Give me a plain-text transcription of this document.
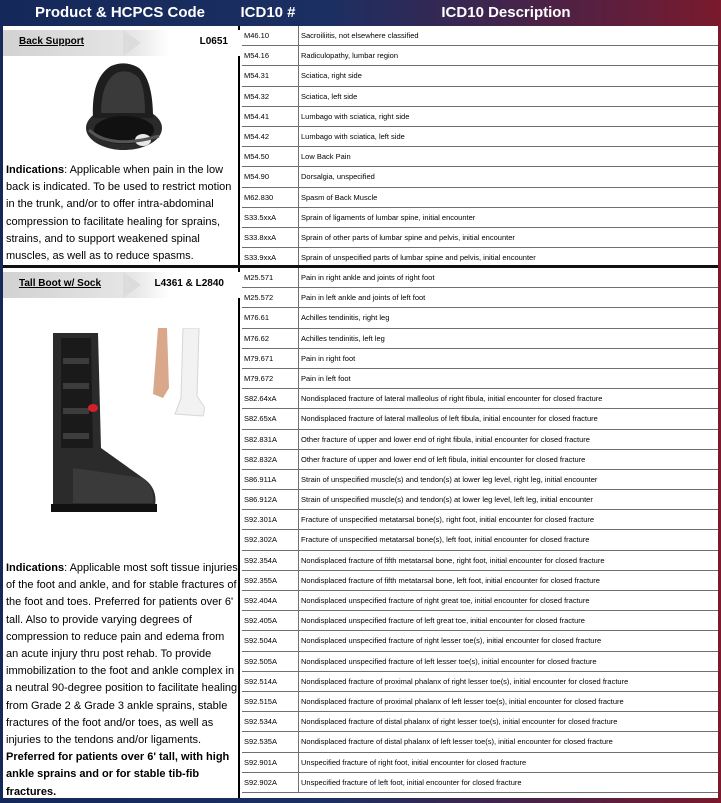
Product & HCPCS Code	ICD10 #	ICD10 Description
Back Support	L0651
Indications: Applicable when pain in the low back is indicated. To be used to restrict motion in the trunk, and/or to offer intra-abdominal compression to facilitate healing for sprains, strains, and to support weakened spinal muscles, as well as to reduce spasms.
M46.10	Sacroiliitis, not elsewhere classified
M54.16	Radiculopathy, lumbar region
M54.31	Sciatica, right side
M54.32	Sciatica, left side
M54.41	Lumbago with sciatica, right side
M54.42	Lumbago with sciatica, left side
M54.50	Low Back Pain
M54.90	Dorsalgia, unspecified
M62.830	Spasm of Back Muscle
S33.5xxA	Sprain of ligaments of lumbar spine, initial encounter
S33.8xxA	Sprain of other parts of lumbar spine and pelvis, initial encounter
S33.9xxA	Sprain of unspecified parts of lumbar spine and pelvis, initial encounter
Tall Boot w/ Sock	L4361 & L2840
Indications: Applicable most soft tissue injuries of the foot and ankle, and for stable fractures of the foot and toes. Preferred for patients over 6' tall. Also to provide varying degrees of compression to reduce pain and edema from an acute injury thru post rehab. To provide immobilization to the foot and ankle complex in a neutral 90-degree position to facilitate healing from Grade 2 & Grade 3 ankle sprains, stable fractures of the foot and/or toes, as well as injuries to the tendons and/or ligaments. Preferred for patients over 6' tall, with high ankle sprains and or for stable tib-fib fractures.
M25.571	Pain in right ankle and joints of right foot
M25.572	Pain in left ankle and joints of left foot
M76.61	Achilles tendinitis, right leg
M76.62	Achilles tendinitis, left leg
M79.671	Pain in right foot
M79.672	Pain in left foot
S82.64xA	Nondisplaced fracture of lateral malleolus of right fibula, initial encounter for closed fracture
S82.65xA	Nondisplaced fracture of lateral malleolus of left fibula, initial encounter for closed fracture
S82.831A	Other fracture of upper and lower end of right fibula, initial encounter for closed fracture
S82.832A	Other fracture of upper and lower end of left fibula, initial encounter for closed fracture
S86.911A	Strain of unspecified muscle(s) and tendon(s) at lower leg level, right leg, initial encounter
S86.912A	Strain of unspecified muscle(s) and tendon(s) at lower leg level, left leg, initial encounter
S92.301A	Fracture of unspecified metatarsal bone(s), right foot, initial encounter for closed fracture
S92.302A	Fracture of unspecified metatarsal bone(s), left foot, initial encounter for closed fracture
S92.354A	Nondisplaced fracture of fifth metatarsal bone, right foot, initial encounter for closed fracture
S92.355A	Nondisplaced fracture of fifth metatarsal bone, left foot, initial encounter for closed fracture
S92.404A	Nondisplaced unspecified fracture of right great toe, initial encounter for closed fracture
S92.405A	Nondisplaced unspecified fracture of left great toe, initial encounter for closed fracture
S92.504A	Nondisplaced unspecified fracture of right lesser toe(s), initial encounter for closed fracture
S92.505A	Nondisplaced unspecified fracture of left lesser toe(s), initial encounter for closed fracture
S92.514A	Nondisplaced fracture of proximal phalanx of right lesser toe(s), initial encounter for closed fracture
S92.515A	Nondisplaced fracture of proximal phalanx of left lesser toe(s), initial encounter for closed fracture
S92.534A	Nondisplaced fracture of distal phalanx of right lesser toe(s), initial encounter for closed fracture
S92.535A	Nondisplaced fracture of distal phalanx of left lesser toe(s), initial encounter for closed fracture
S92.901A	Unspecified fracture of right foot, initial encounter for closed fracture
S92.902A	Unspecified fracture of left foot, initial encounter for closed fracture
